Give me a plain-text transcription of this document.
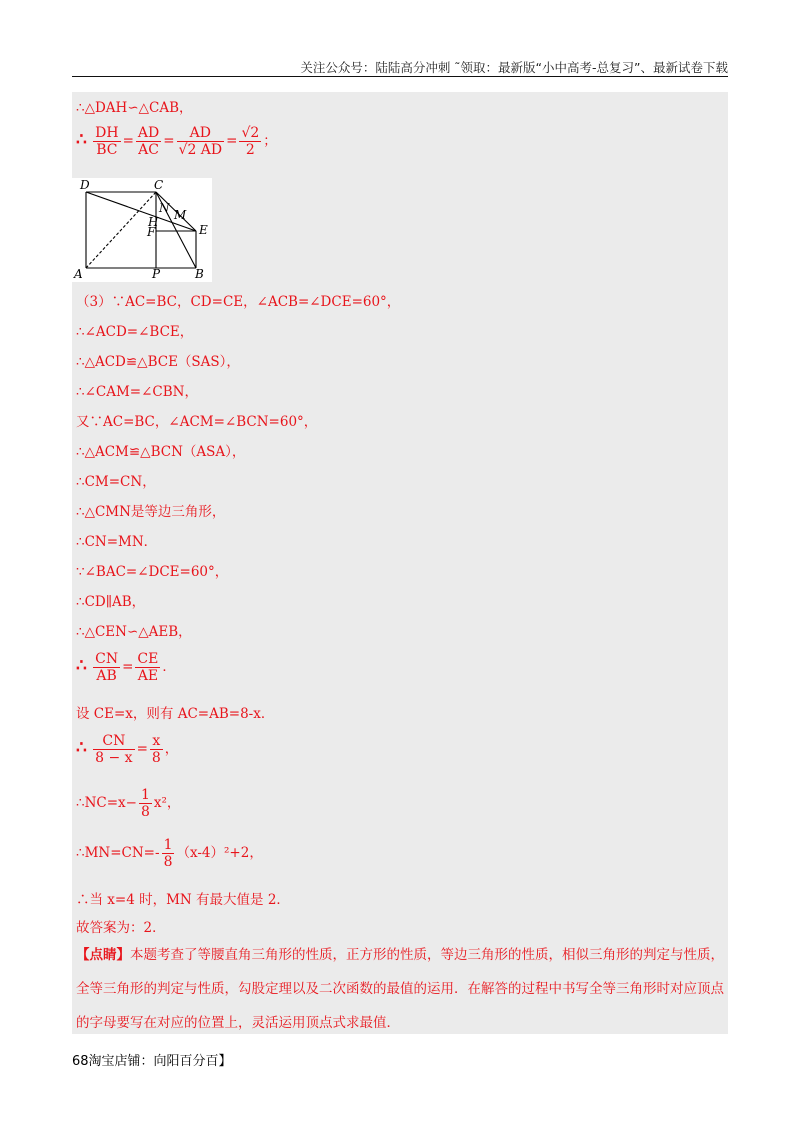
关注公众号：陆陆高分冲刺 ˜领取：最新版“小中高考-总复习”、最新试卷下载
∴△DAH∽△CAB，
∴ $\frac{DH}{BC} = \frac{AD}{AC} = \frac{AD}{√2 AD} = \frac{√2}{2}$ ；
D	C
N M
H
F	E
A	P	B
（3）∵AC=BC，CD=CE，∠ACB=∠DCE=60°，
∴∠ACD=∠BCE，
∴△ACD≌△BCE（SAS），
∴∠CAM=∠CBN，
又∵AC=BC，∠ACM=∠BCN=60°，
∴△ACM≌△BCN（ASA），
∴CM=CN，
∴△CMN是等边三角形，
∴CN=MN．
∵∠BAC=∠DCE=60°，
∴CD∥AB，
∴△CEN∽△AEB，
∴ $\frac{CN}{AB} = \frac{CE}{AE}$ ．
设 CE=x，则有 AC=AB=8-x．
∴ $\frac{CN}{8 - x} = \frac{x}{8}$ ，
∴NC=x− $\frac{1}{8} x^2$，
∴MN=CN=- $\frac{1}{8} (x-4)^2+2$，
∴当 x=4 时，MN 有最大值是 2．
故答案为：2．
【点睛】本题考查了等腰直角三角形的性质，正方形的性质，等边三角形的性质，相似三角形的判定与性质，全等三角形的判定与性质，勾股定理以及二次函数的最值的运用．在解答的过程中书写全等三角形时对应顶点的字母要写在对应的位置上，灵活运用顶点式求最值．
68淘宝店铺：向阳百分百】
